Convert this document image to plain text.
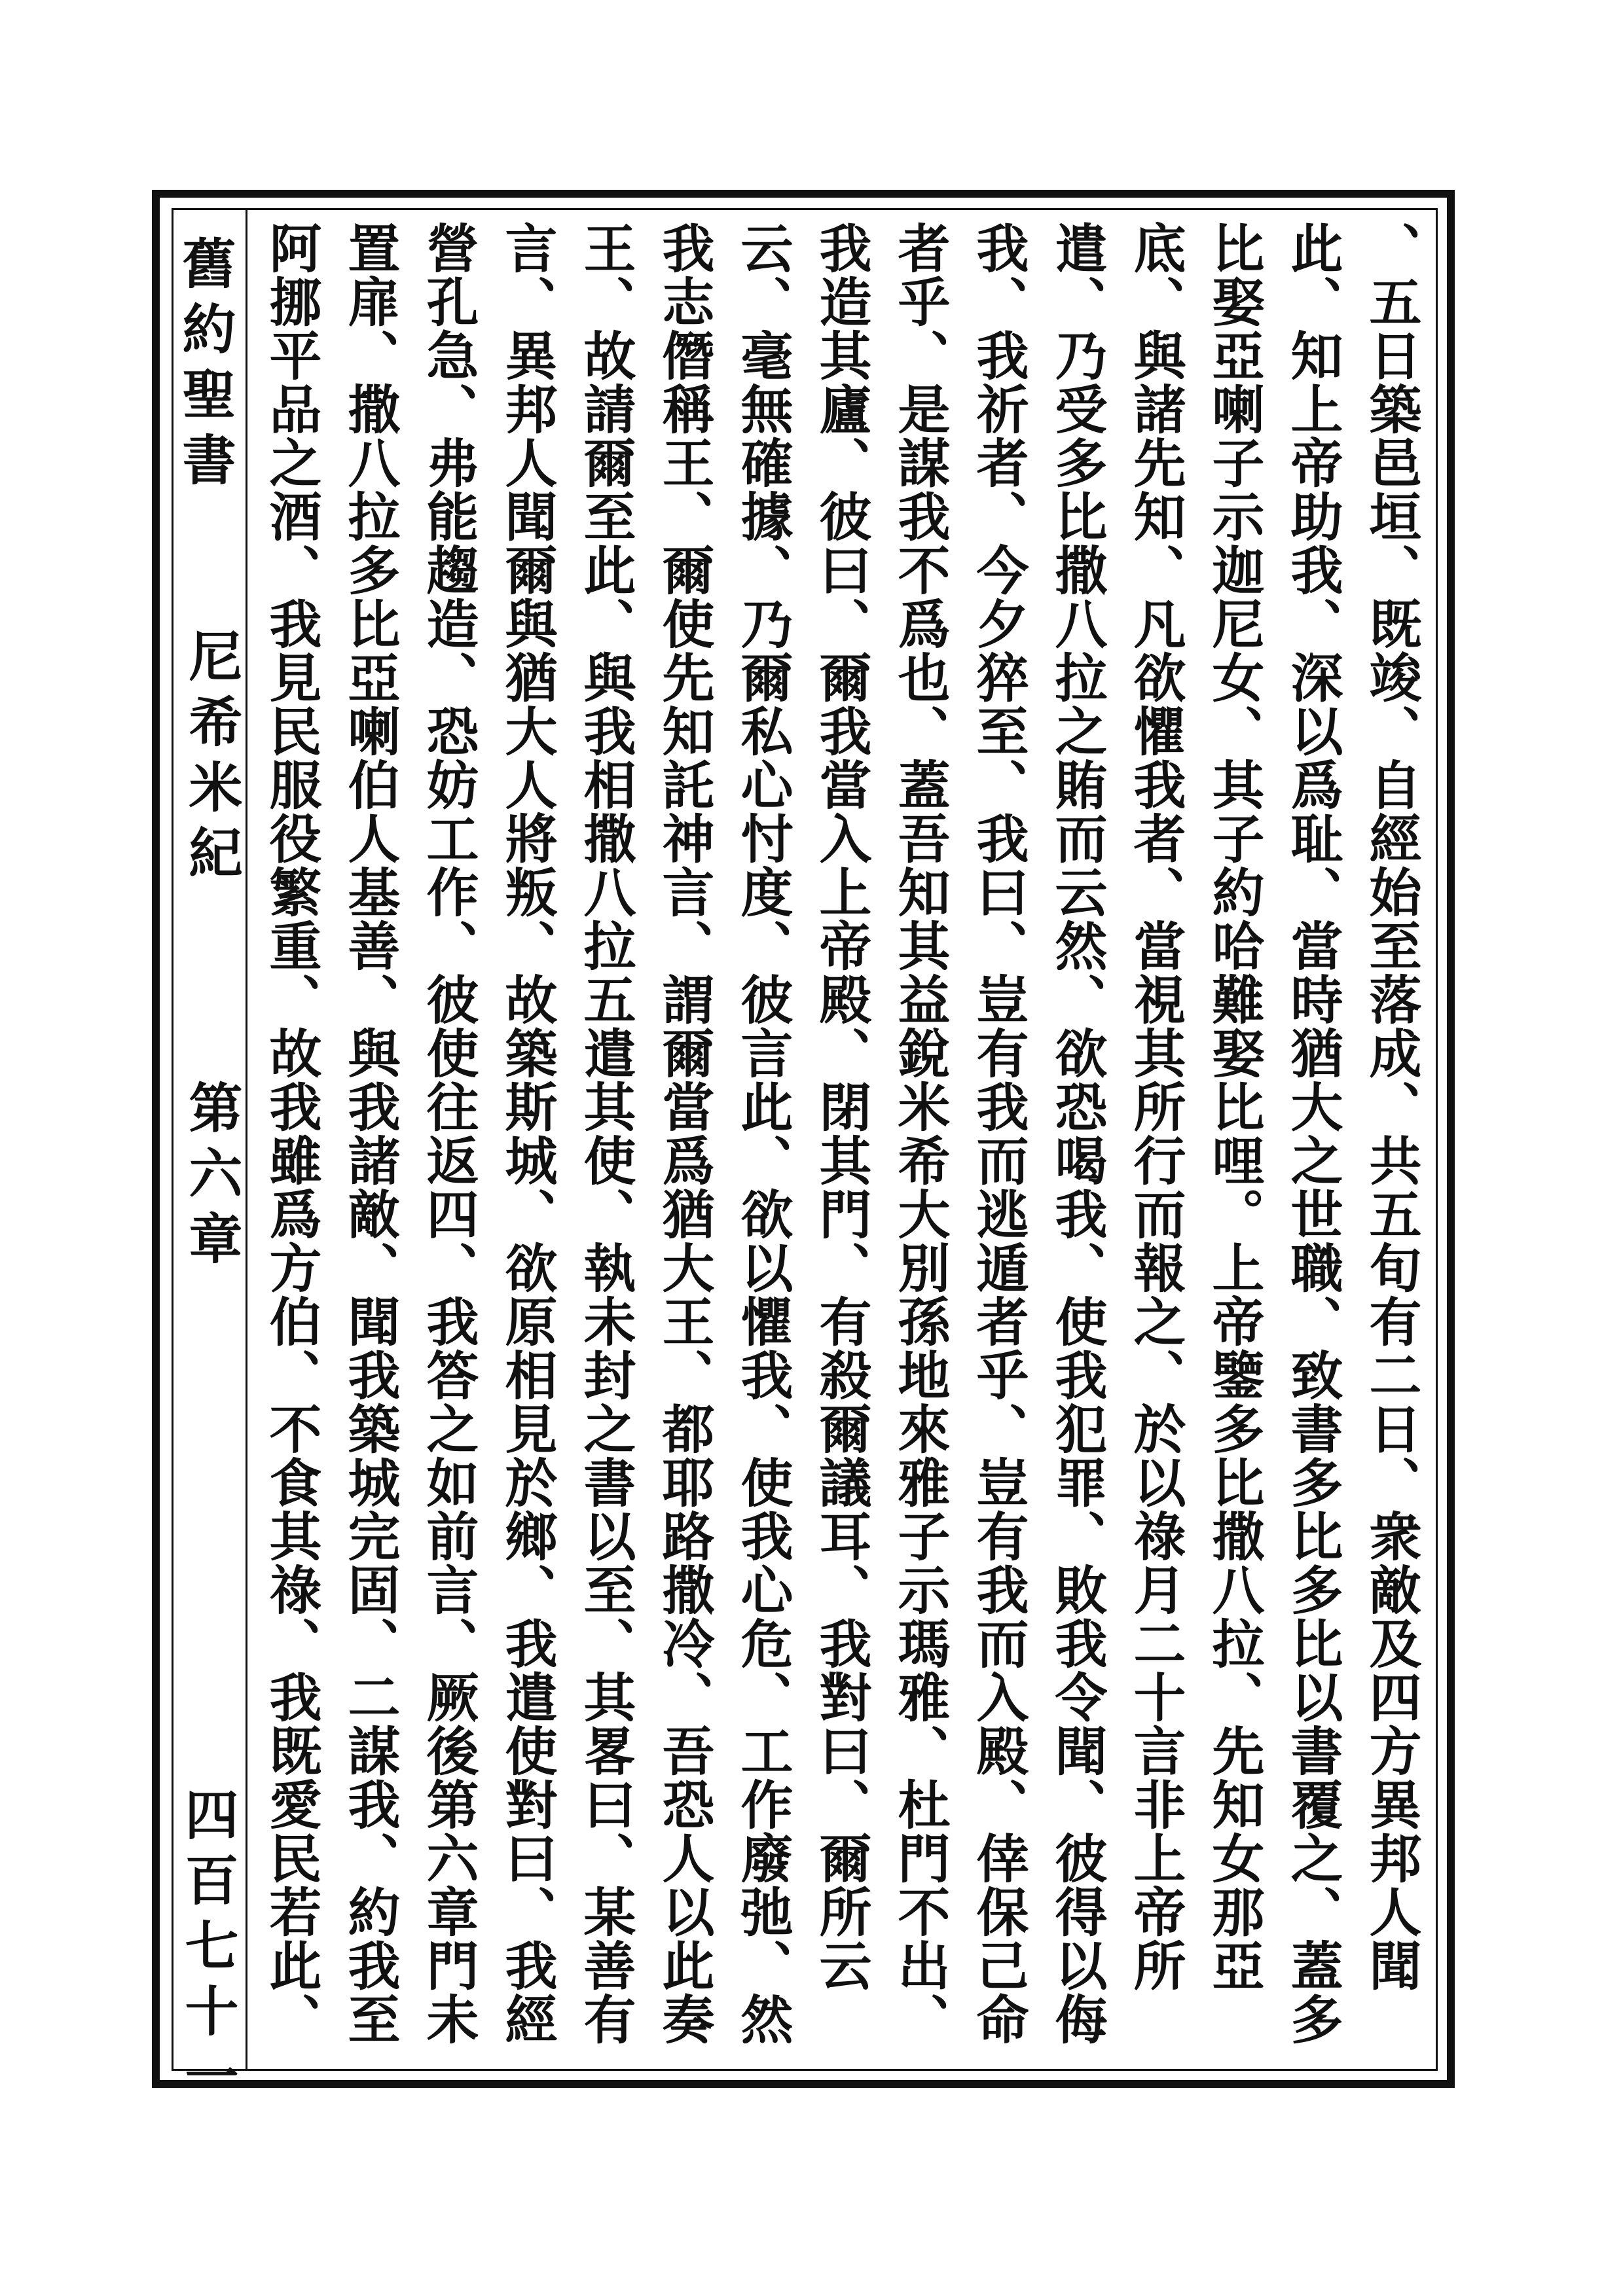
舊約聖書
尼希米紀
第六章
四百七十一

、五日築邑垣、既竣、自經始至落成、共五旬有二日、衆敵及四方異邦人聞此、知上帝助我、深以爲耻、當時猶大之世職、致書多比多比以書覆之、蓋多比娶亞喇子示迦尼女、其子約哈難娶比哩。上帝鑒多比撒八拉、先知女那亞底、與諸先知、凡欲懼我者、當視其所行而報之、於以祿月二十言非上帝所遣、乃受多比撒八拉之賄而云然、欲恐喝我、使我犯罪、敗我令聞、彼得以侮我、我祈者、今夕猝至、我曰、豈有我而逃遁者乎、豈有我而入殿、倖保己命者乎、是謀我不爲也、蓋吾知其益銳米希大別孫地來雅子示瑪雅、杜門不出、我造其廬、彼曰、爾我當入上帝殿、閉其門、有殺爾議耳、我對曰、爾所云云、毫無確據、乃爾私心忖度、彼言此、欲以懼我、使我心危、工作廢弛、然我志僭稱王、爾使先知託神言、謂爾當爲猶大王、都耶路撒冷、吾恐人以此奏王、故請爾至此、與我相撒八拉五遣其使、執未封之書以至、其畧曰、某善有言、異邦人聞爾與猶大人將叛、故築斯城、欲原相見於鄉、我遣使對曰、我經營孔急、弗能趨造、恐妨工作、彼使往返四、我答之如前言、厥後第六章門未置扉、撒八拉多比亞喇伯人基善、與我諸敵、聞我築城完固、二謀我、約我至阿挪平品之酒、我見民服役繁重、故我雖爲方伯、不食其祿、我既愛民若此、
